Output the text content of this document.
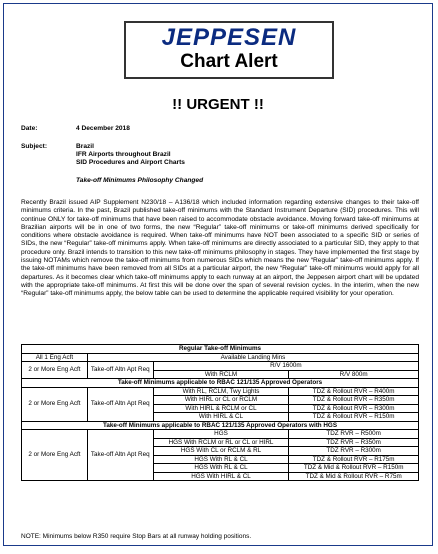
JEPPESEN
Chart Alert
!! URGENT !!
Date:	4 December 2018
Subject:	Brazil
IFR Airports throughout Brazil
SID Procedures and Airport Charts
Take-off Minimums Philosophy Changed
Recently Brazil issued AIP Supplement N230/18 – A136/18 which included information regarding extensive changes to their take-off minimums criteria. In the past, Brazil published take-off minimums with the Standard Instrument Departure (SID) procedures. This will continue ONLY for take-off minimums that have been raised to accommodate obstacle avoidance. Moving forward take-off minimums at Brazilian airports will be in one of two forms, the new “Regular” take-off minimums or take-off minimums derived specifically for conditions where obstacle avoidance is required. When take-off minimums have NOT been associated to a specific SID or series of SIDs, the new “Regular” take-off minimums apply. When take-off minimums are directly associated to a particular SID, they apply to that procedure only. Brazil intends to transition to this new take-off minimums philosophy in stages. They have implemented the first stage by issuing NOTAMs which remove the take-off minimums from numerous SIDs which means the new “Regular” take-off minimums apply. If the take-off minimums have been removed from all SIDs at a particular airport, the new “Regular” take-off minimums would apply for all departures. As it becomes clear which take-off minimums apply to each runway at an airport, the Jeppesen airport chart will be updated with the appropriate take-off minimums. At first this will be done over the span of several revision cycles. In the interim, when the new “Regular” take-off minimums apply, the below table can be used to determine the applicable required visibility for your operation.
Regular Take-off Minimums			
All 1 Eng Acft	Available Landing Mins		
2 or More Eng Acft	Take-off Altn Apt Req	R/V 1600m	
		With RCLM	R/V 800m
Take-off Minimums applicable to RBAC 121/135 Approved Operators			
2 or More Eng Acft	Take-off Altn Apt Req	With RL, RCLM, Twy Lights	TDZ & Rollout RVR – R400m
		With HIRL or CL or RCLM	TDZ & Rollout RVR – R350m
		With HIRL & RCLM or CL	TDZ & Rollout RVR – R300m
		With HIRL & CL	TDZ & Rollout RVR – R150m
Take-off Minimums applicable to RBAC 121/135 Approved Operators with HGS			
2 or More Eng Acft	Take-off Altn Apt Req	HGS	TDZ RVR – R500m
		HGS With RCLM or RL or CL or HIRL	TDZ RVR – R350m
		HGS With CL or RCLM & RL	TDZ RVR – R300m
		HGS With RL & CL	TDZ & Rollout RVR – R175m
		HGS With RL & CL	TDZ & Mid & Rollout RVR – R150m
		HGS With HIRL & CL	TDZ & Mid & Rollout RVR – R75m
NOTE: Minimums below R350 require Stop Bars at all runway holding positions.
